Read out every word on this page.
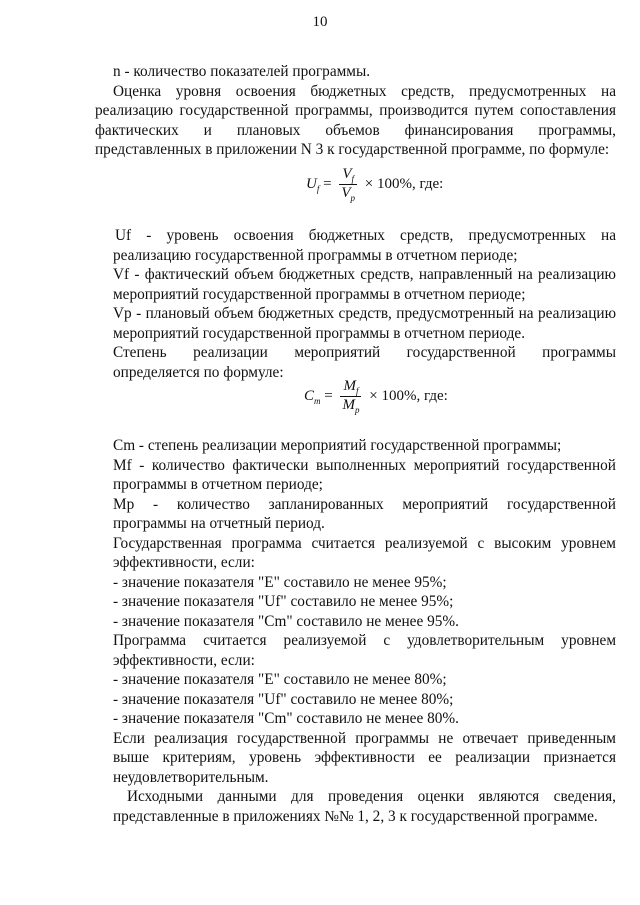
10

n - количество показателей программы.

Оценка уровня освоения бюджетных средств, предусмотренных на реализацию государственной программы, производится путем сопоставления фактических и плановых объемов финансирования программы, представленных в приложении N 3 к государственной программе, по формуле:

$U_f = \frac{V_f}{V_p} \times 100\%$, где:

Uf - уровень освоения бюджетных средств, предусмотренных на реализацию государственной программы в отчетном периоде;

Vf - фактический объем бюджетных средств, направленный на реализацию мероприятий государственной программы в отчетном периоде;

Vp - плановый объем бюджетных средств, предусмотренный на реализацию мероприятий государственной программы в отчетном периоде.

Степень реализации мероприятий государственной программы определяется по формуле:

$C_m = \frac{M_f}{M_p} \times 100\%$, где:

Cm - степень реализации мероприятий государственной программы;

Mf - количество фактически выполненных мероприятий государственной программы в отчетном периоде;

Mp - количество запланированных мероприятий государственной программы на отчетный период.

Государственная программа считается реализуемой с высоким уровнем эффективности, если:

- значение показателя "E" составило не менее 95%;

- значение показателя "Uf" составило не менее 95%;

- значение показателя "Cm" составило не менее 95%.

Программа считается реализуемой с удовлетворительным уровнем эффективности, если:

- значение показателя "E" составило не менее 80%;

- значение показателя "Uf" составило не менее 80%;

- значение показателя "Cm" составило не менее 80%.

Если реализация государственной программы не отвечает приведенным выше критериям, уровень эффективности ее реализации признается неудовлетворительным.

Исходными данными для проведения оценки являются сведения, представленные в приложениях №№ 1, 2, 3 к государственной программе.
